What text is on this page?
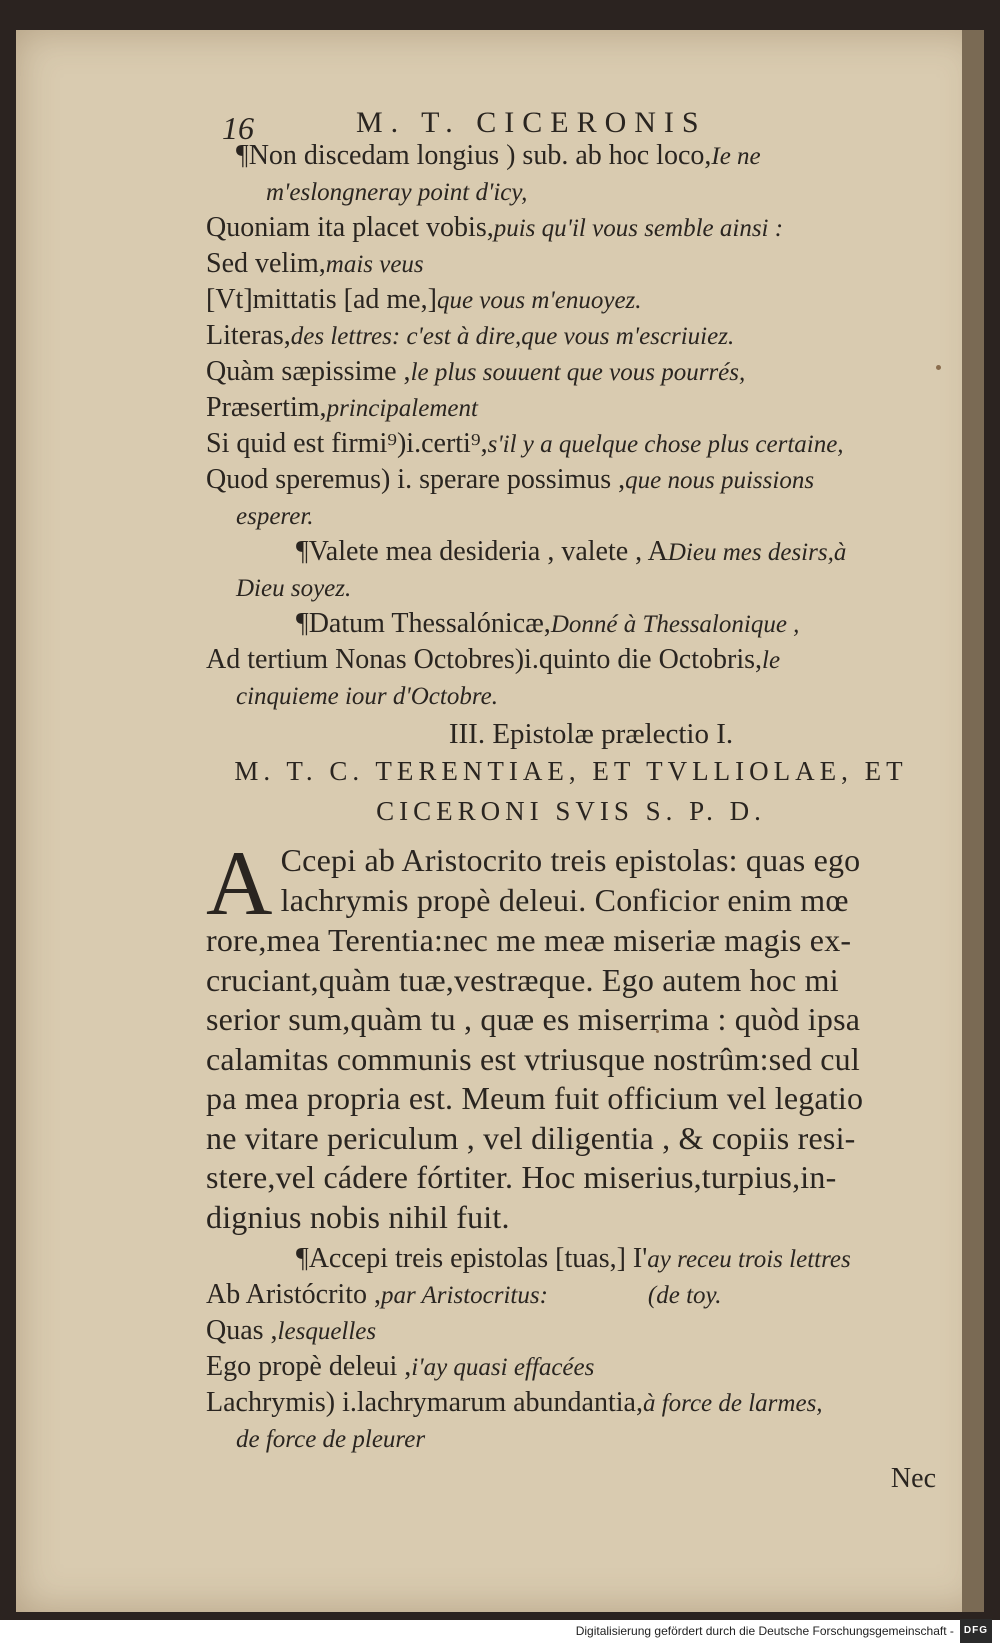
16	M. T. CICERONIS
¶Non discedam longius ) sub. ab hoc loco,Ie ne
m'eslongneray point d'icy,
Quoniam ita placet vobis,puis qu'il vous semble ainsi :
Sed velim,mais veus
[Vt]mittatis [ad me,]que vous m'enuoyez.
Literas,des lettres: c'est à dire,que vous m'escriuiez.
Quàm sæpissime ,le plus souuent que vous pourrés,
Præsertim,principalement
Si quid est firmi⁹)i.certi⁹,s'il y a quelque chose plus certaine,
Quod speremus) i. sperare possimus ,que nous puissions
esperer.
¶Valete mea desideria , valete , ADieu mes desirs,à
Dieu soyez.
¶Datum Thessalónicæ,Donné à Thessalonique ,
Ad tertium Nonas Octobres)i.quinto die Octobris,le
cinquieme iour d'Octobre.
III. Epistolæ prælectio I.
M. T. C. TERENTIAE, ET TVLLIOLAE, ET
CICERONI SVIS S. P. D.
A Ccepi ab Aristocrito treis epistolas: quas ego
lachrymis propè deleui. Conficior enim mœ
rore,mea Terentia:nec me meæ miseriæ magis ex-
cruciant,quàm tuæ,vestræque. Ego autem hoc mi
serior sum,quàm tu , quæ es miserrima : quòd ipsa
calamitas communis est vtriusque nostrûm:sed cul
pa mea propria est. Meum fuit officium vel legatio
ne vitare periculum , vel diligentia , & copiis resi-
stere,vel cádere fórtiter. Hoc miserius,turpius,in-
dignius nobis nihil fuit.
¶Accepi treis epistolas [tuas,] I'ay receu trois lettres
Ab Aristócrito ,par Aristocritus:                (de toy.
Quas ,lesquelles
Ego propè deleui ,i'ay quasi effacées
Lachrymis) i.lachrymarum abundantia,à force de larmes,
de force de pleurer
Nec
Digitalisierung gefördert durch die Deutsche Forschungsgemeinschaft -	DFG
